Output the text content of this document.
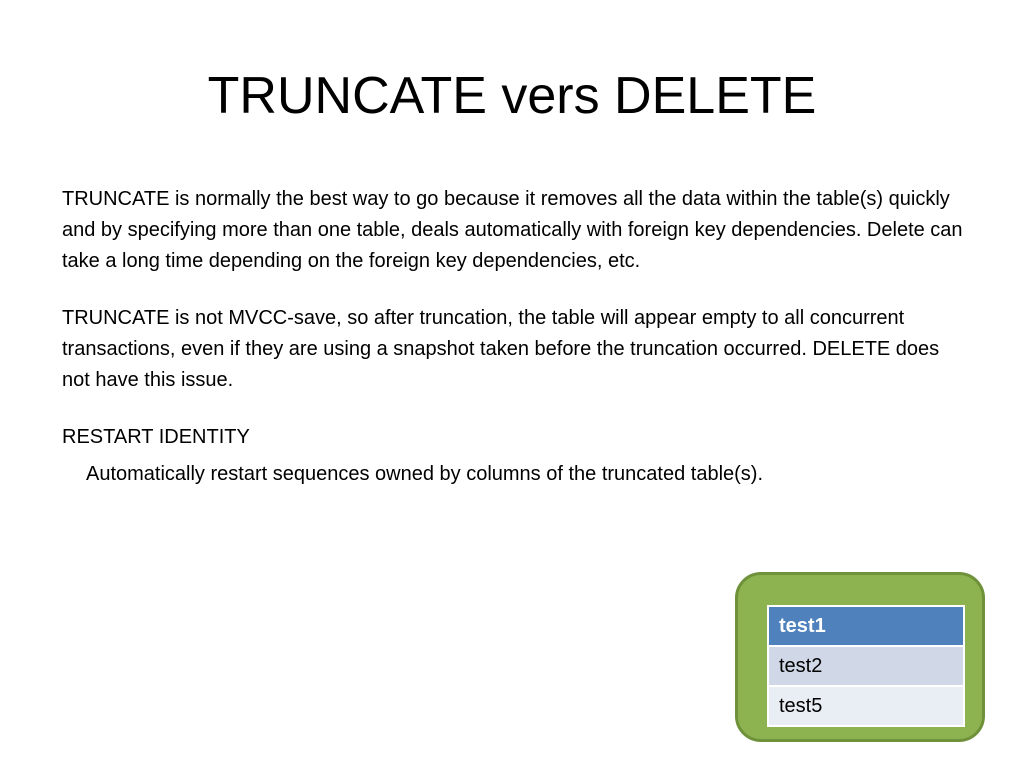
TRUNCATE vers DELETE

TRUNCATE is normally the best way to go because it removes all the data within the table(s) quickly and by specifying more than one table, deals automatically with foreign key dependencies. Delete can take a long time depending on the foreign key dependencies, etc.

TRUNCATE is not MVCC-save, so after truncation, the table will appear empty to all concurrent transactions, even if they are using a snapshot taken before the truncation occurred. DELETE does not have this issue.

RESTART IDENTITY

Automatically restart sequences owned by columns of the truncated table(s).

test1
test2
test5
